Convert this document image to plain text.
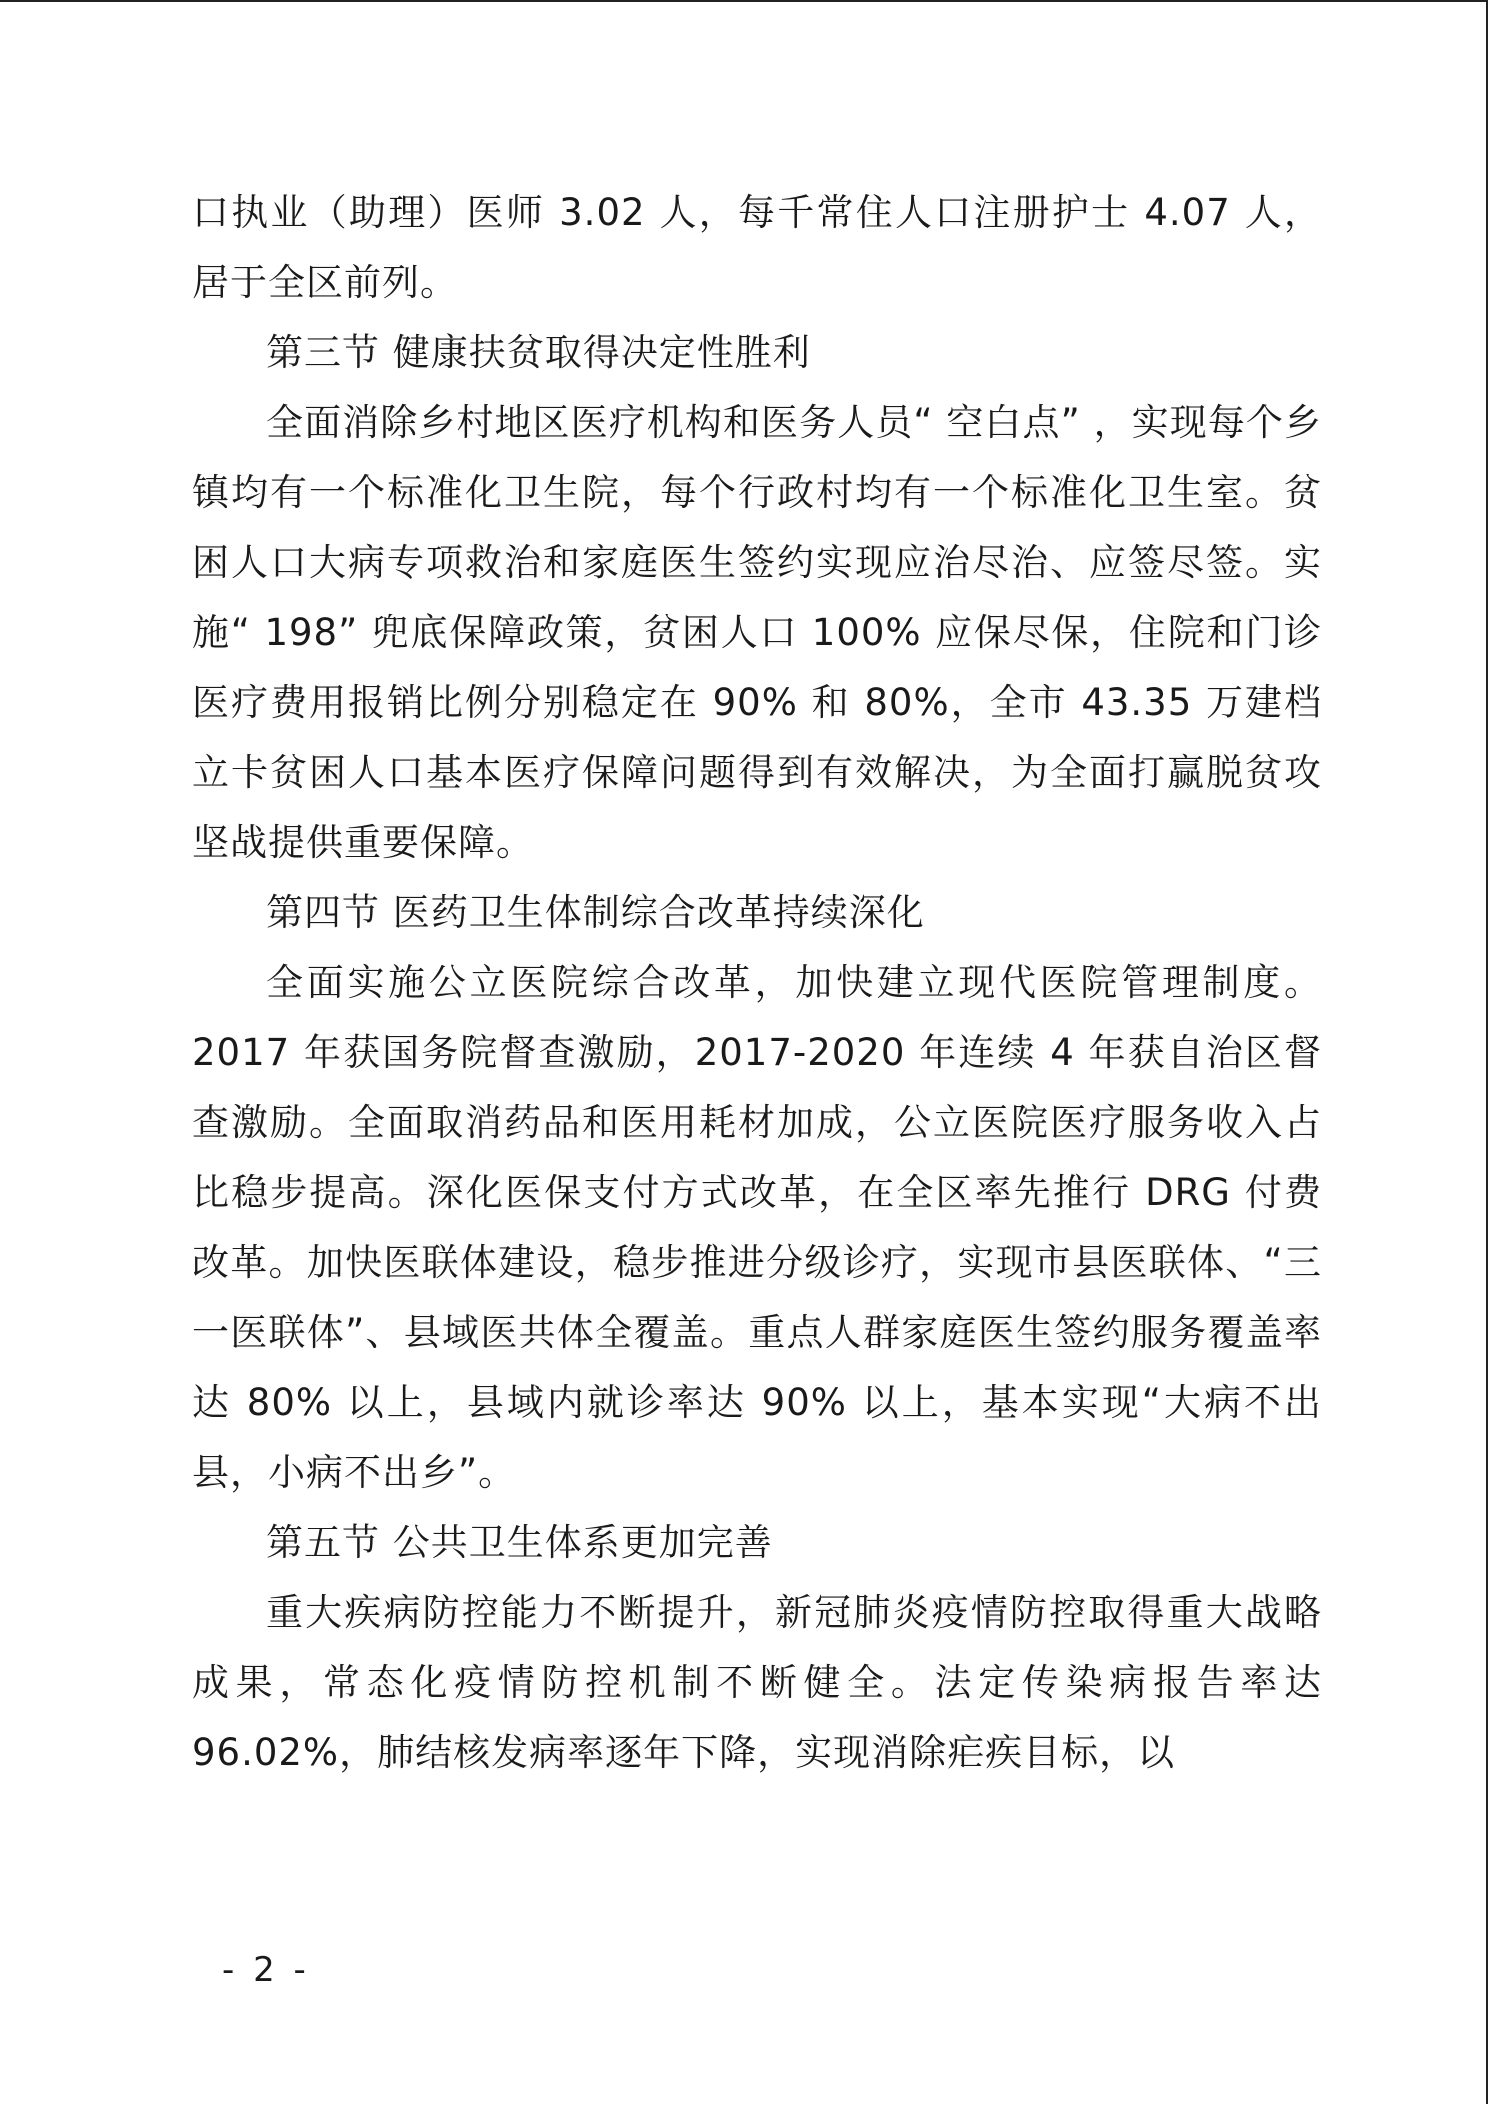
口执业（助理）医师 3.02 人，每千常住人口注册护士 4.07 人，居于全区前列。

第三节 健康扶贫取得决定性胜利

全面消除乡村地区医疗机构和医务人员“ 空白点” ，实现每个乡镇均有一个标准化卫生院，每个行政村均有一个标准化卫生室。贫困人口大病专项救治和家庭医生签约实现应治尽治、应签尽签。实施“ 198” 兜底保障政策，贫困人口 100% 应保尽保，住院和门诊医疗费用报销比例分别稳定在 90% 和 80%，全市 43.35 万建档立卡贫困人口基本医疗保障问题得到有效解决，为全面打赢脱贫攻坚战提供重要保障。

第四节 医药卫生体制综合改革持续深化

全面实施公立医院综合改革，加快建立现代医院管理制度。2017 年获国务院督查激励，2017-2020 年连续 4 年获自治区督查激励。全面取消药品和医用耗材加成，公立医院医疗服务收入占比稳步提高。深化医保支付方式改革，在全区率先推行 DRG 付费改革。加快医联体建设，稳步推进分级诊疗，实现市县医联体、“三一医联体”、县域医共体全覆盖。重点人群家庭医生签约服务覆盖率达 80% 以上，县域内就诊率达 90% 以上，基本实现“大病不出县，小病不出乡”。

第五节 公共卫生体系更加完善

重大疾病防控能力不断提升，新冠肺炎疫情防控取得重大战略成果，常态化疫情防控机制不断健全。法定传染病报告率达 96.02%，肺结核发病率逐年下降，实现消除疟疾目标，以

- 2 -
